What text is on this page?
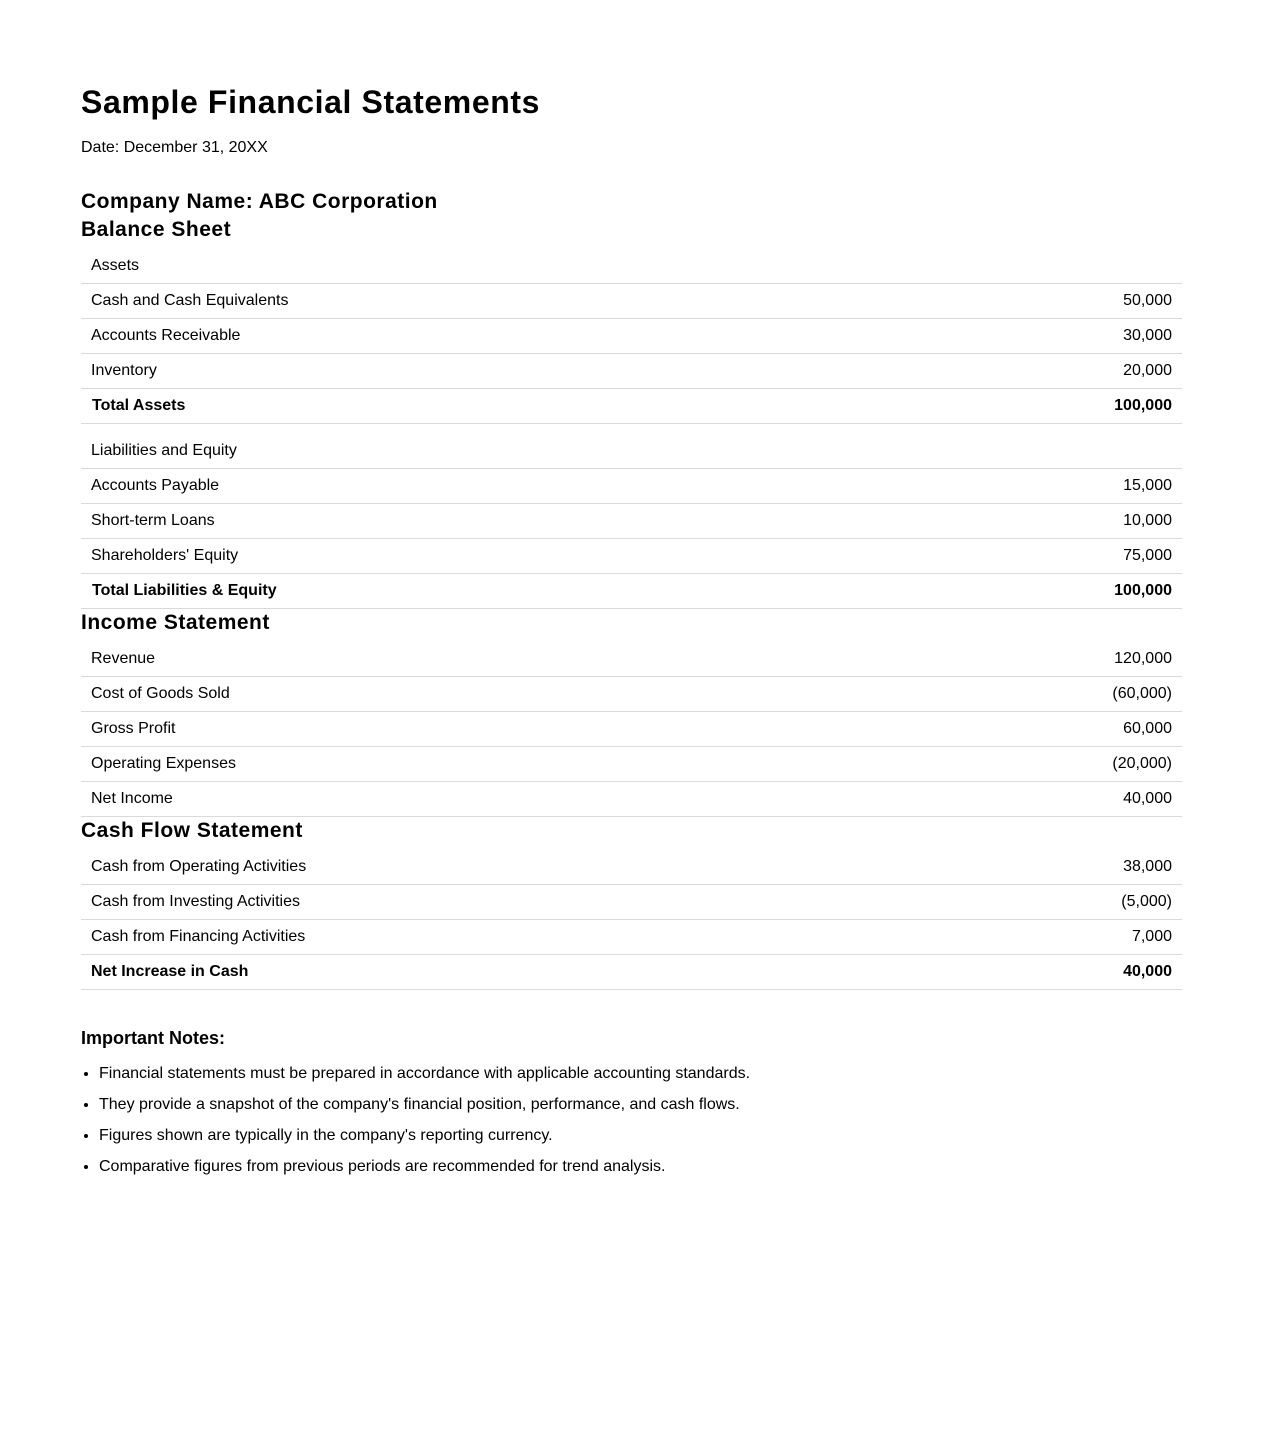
Sample Financial Statements
Date: December 31, 20XX
Company Name: ABC Corporation
Balance Sheet
Assets	
Cash and Cash Equivalents	50,000
Accounts Receivable	30,000
Inventory	20,000
Total Assets	100,000

Liabilities and Equity	
Accounts Payable	15,000
Short-term Loans	10,000
Shareholders' Equity	75,000
Total Liabilities & Equity	100,000
Income Statement
Revenue	120,000
Cost of Goods Sold	(60,000)
Gross Profit	60,000
Operating Expenses	(20,000)
Net Income	40,000
Cash Flow Statement
Cash from Operating Activities	38,000
Cash from Investing Activities	(5,000)
Cash from Financing Activities	7,000
Net Increase in Cash	40,000
Important Notes:
• Financial statements must be prepared in accordance with applicable accounting standards.
• They provide a snapshot of the company's financial position, performance, and cash flows.
• Figures shown are typically in the company's reporting currency.
• Comparative figures from previous periods are recommended for trend analysis.
